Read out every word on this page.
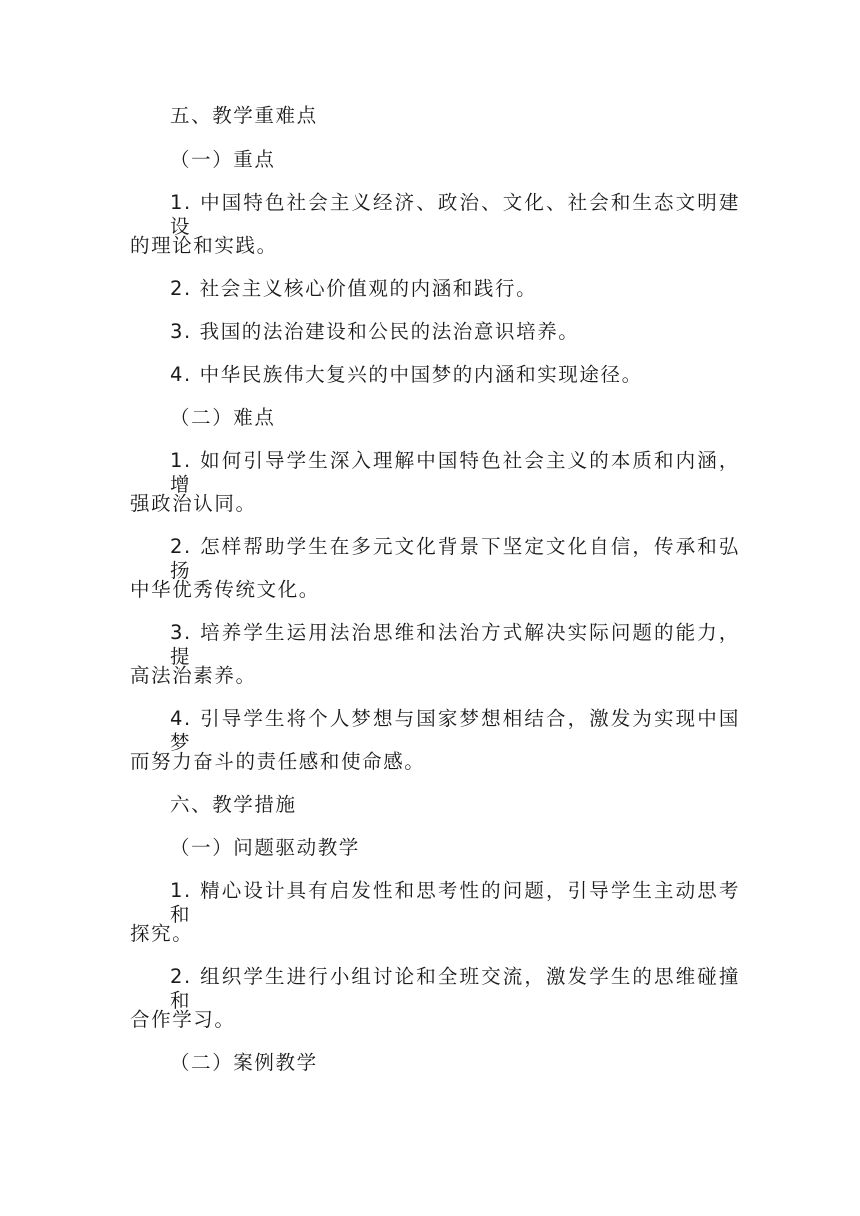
五、教学重难点
（一）重点
1. 中国特色社会主义经济、政治、文化、社会和生态文明建设
的理论和实践。
2. 社会主义核心价值观的内涵和践行。
3. 我国的法治建设和公民的法治意识培养。
4. 中华民族伟大复兴的中国梦的内涵和实现途径。
（二）难点
1. 如何引导学生深入理解中国特色社会主义的本质和内涵，增
强政治认同。
2. 怎样帮助学生在多元文化背景下坚定文化自信，传承和弘扬
中华优秀传统文化。
3. 培养学生运用法治思维和法治方式解决实际问题的能力，提
高法治素养。
4. 引导学生将个人梦想与国家梦想相结合，激发为实现中国梦
而努力奋斗的责任感和使命感。
六、教学措施
（一）问题驱动教学
1. 精心设计具有启发性和思考性的问题，引导学生主动思考和
探究。
2. 组织学生进行小组讨论和全班交流，激发学生的思维碰撞和
合作学习。
（二）案例教学
